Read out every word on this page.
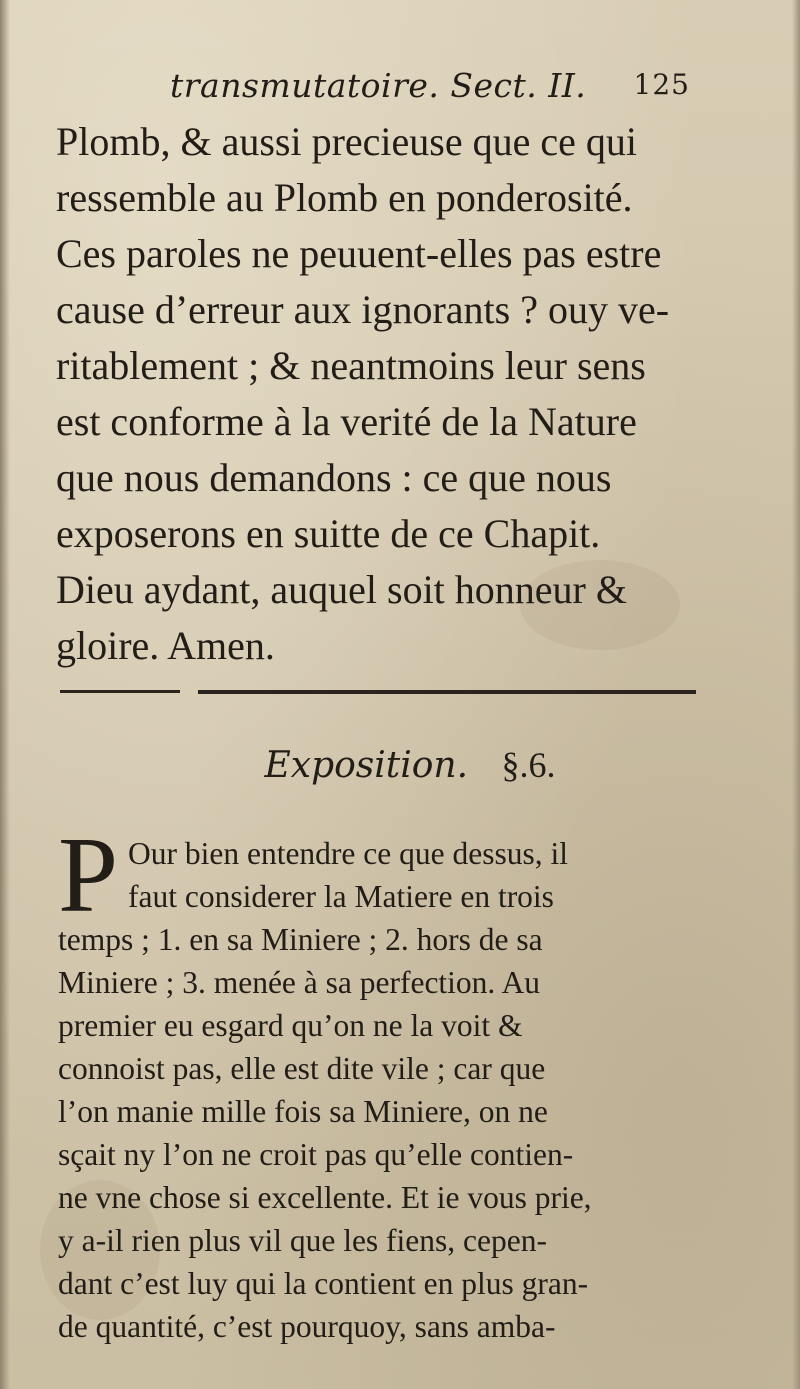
transmutatoire. Sect. II. 125
Plomb, & aussi precieuse que ce qui
ressemble au Plomb en ponderosité.
Ces paroles ne peuuent-elles pas estre
cause d’erreur aux ignorants ? ouy ve-
ritablement ; & neantmoins leur sens
est conforme à la verité de la Nature
que nous demandons : ce que nous
exposerons en suitte de ce Chapit.
Dieu aydant, auquel soit honneur &
gloire. Amen.
Exposition. §.6.
P Our bien entendre ce que dessus, il
faut considerer la Matiere en trois
temps ; 1. en sa Miniere ; 2. hors de sa
Miniere ; 3. menée à sa perfection. Au
premier eu esgard qu’on ne la voit &
connoist pas, elle est dite vile ; car que
l’on manie mille fois sa Miniere, on ne
sçait ny l’on ne croit pas qu’elle contien-
ne vne chose si excellente. Et ie vous prie,
y a-il rien plus vil que les fiens, cepen-
dant c’est luy qui la contient en plus gran-
de quantité, c’est pourquoy, sans amba-
